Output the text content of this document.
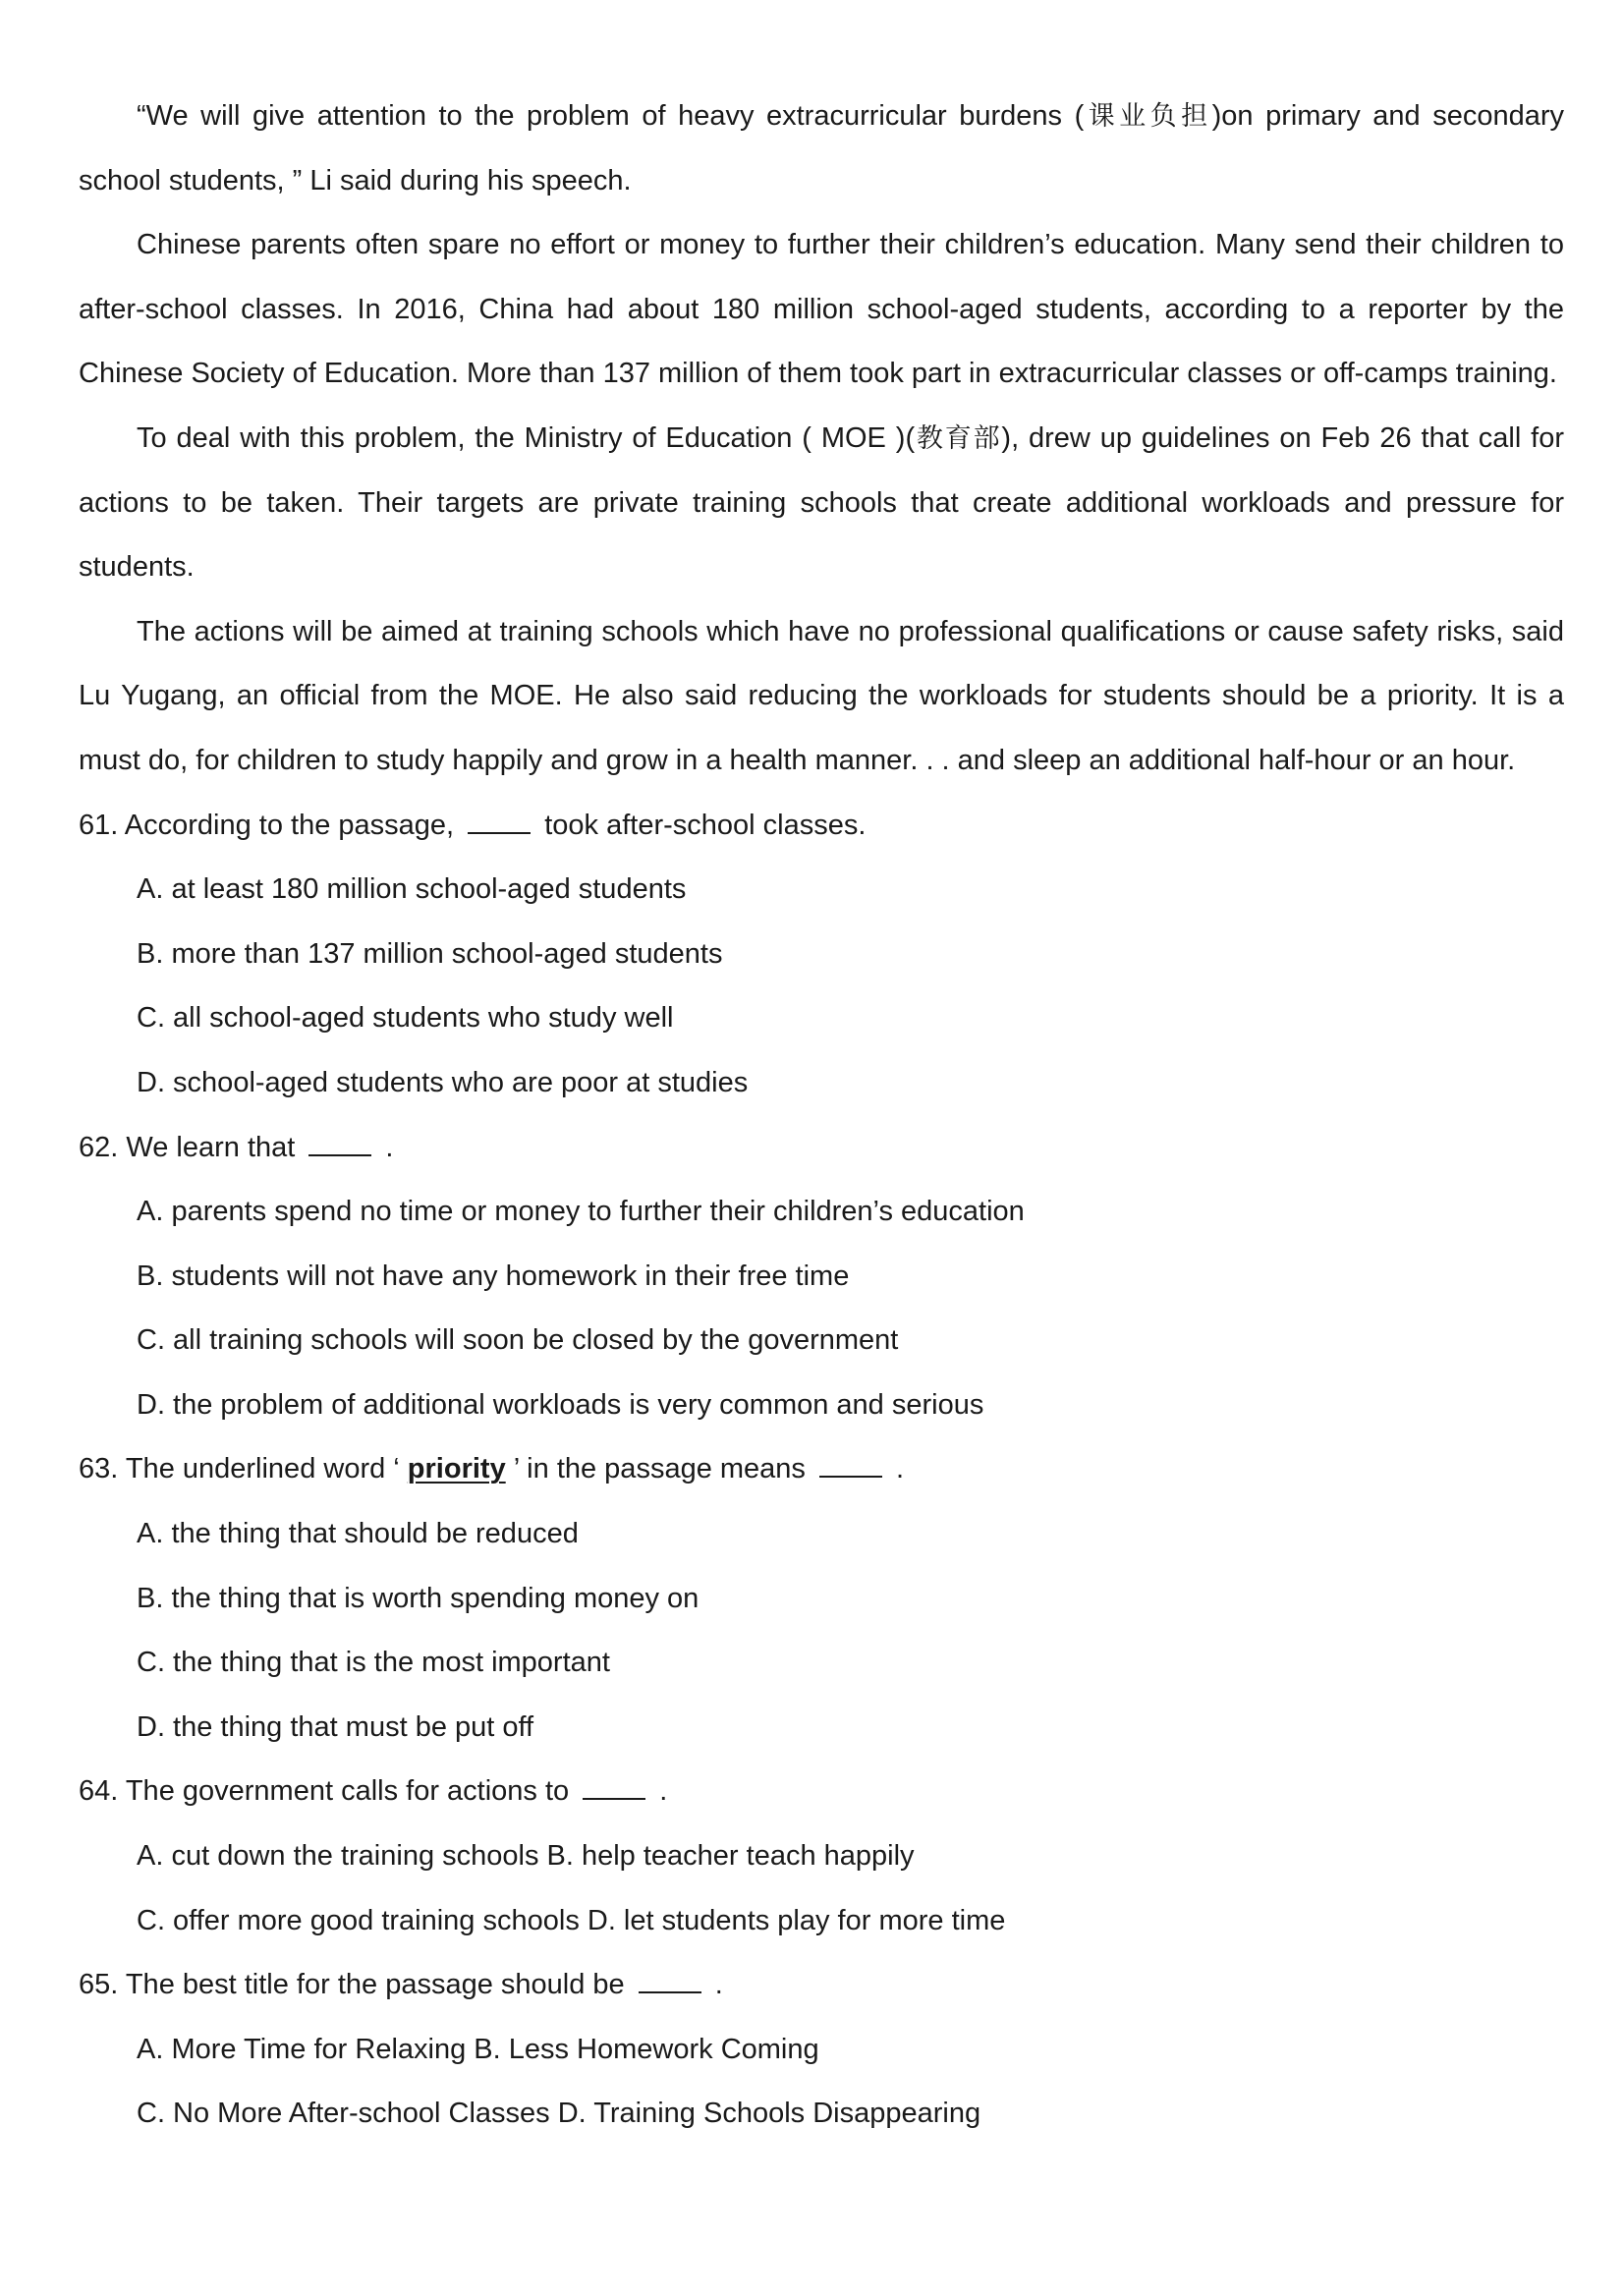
“We will give attention to the problem of heavy extracurricular burdens (课业负担)on primary and secondary school students, ” Li said during his speech.

Chinese parents often spare no effort or money to further their children’s education. Many send their children to after-school classes. In 2016, China had about 180 million school-aged students, according to a reporter by the Chinese Society of Education. More than 137 million of them took part in extracurricular classes or off-camps training.

To deal with this problem, the Ministry of Education ( MOE )(教育部), drew up guidelines on Feb 26 that call for actions to be taken. Their targets are private training schools that create additional workloads and pressure for students.

The actions will be aimed at training schools which have no professional qualifications or cause safety risks, said Lu Yugang, an official from the MOE. He also said reducing the workloads for students should be a priority. It is a must do, for children to study happily and grow in a health manner. . . and sleep an additional half-hour or an hour.

61. According to the passage,	took after-school classes.

A. at least 180 million school-aged students

B. more than 137 million school-aged students

C. all school-aged students who study well

D. school-aged students who are poor at studies

62. We learn that	.

A. parents spend no time or money to further their children’s education

B. students will not have any homework in their free time

C. all training schools will soon be closed by the government

D. the problem of additional workloads is very common and serious

63. The underlined word ‘ priority ’ in the passage means	.

A. the thing that should be reduced

B. the thing that is worth spending money on

C. the thing that is the most important

D. the thing that must be put off

64. The government calls for actions to	.

A. cut down the training schools B. help teacher teach happily

C. offer more good training schools D. let students play for more time

65. The best title for the passage should be	.

A. More Time for Relaxing B. Less Homework Coming

C. No More After-school Classes D. Training Schools Disappearing
